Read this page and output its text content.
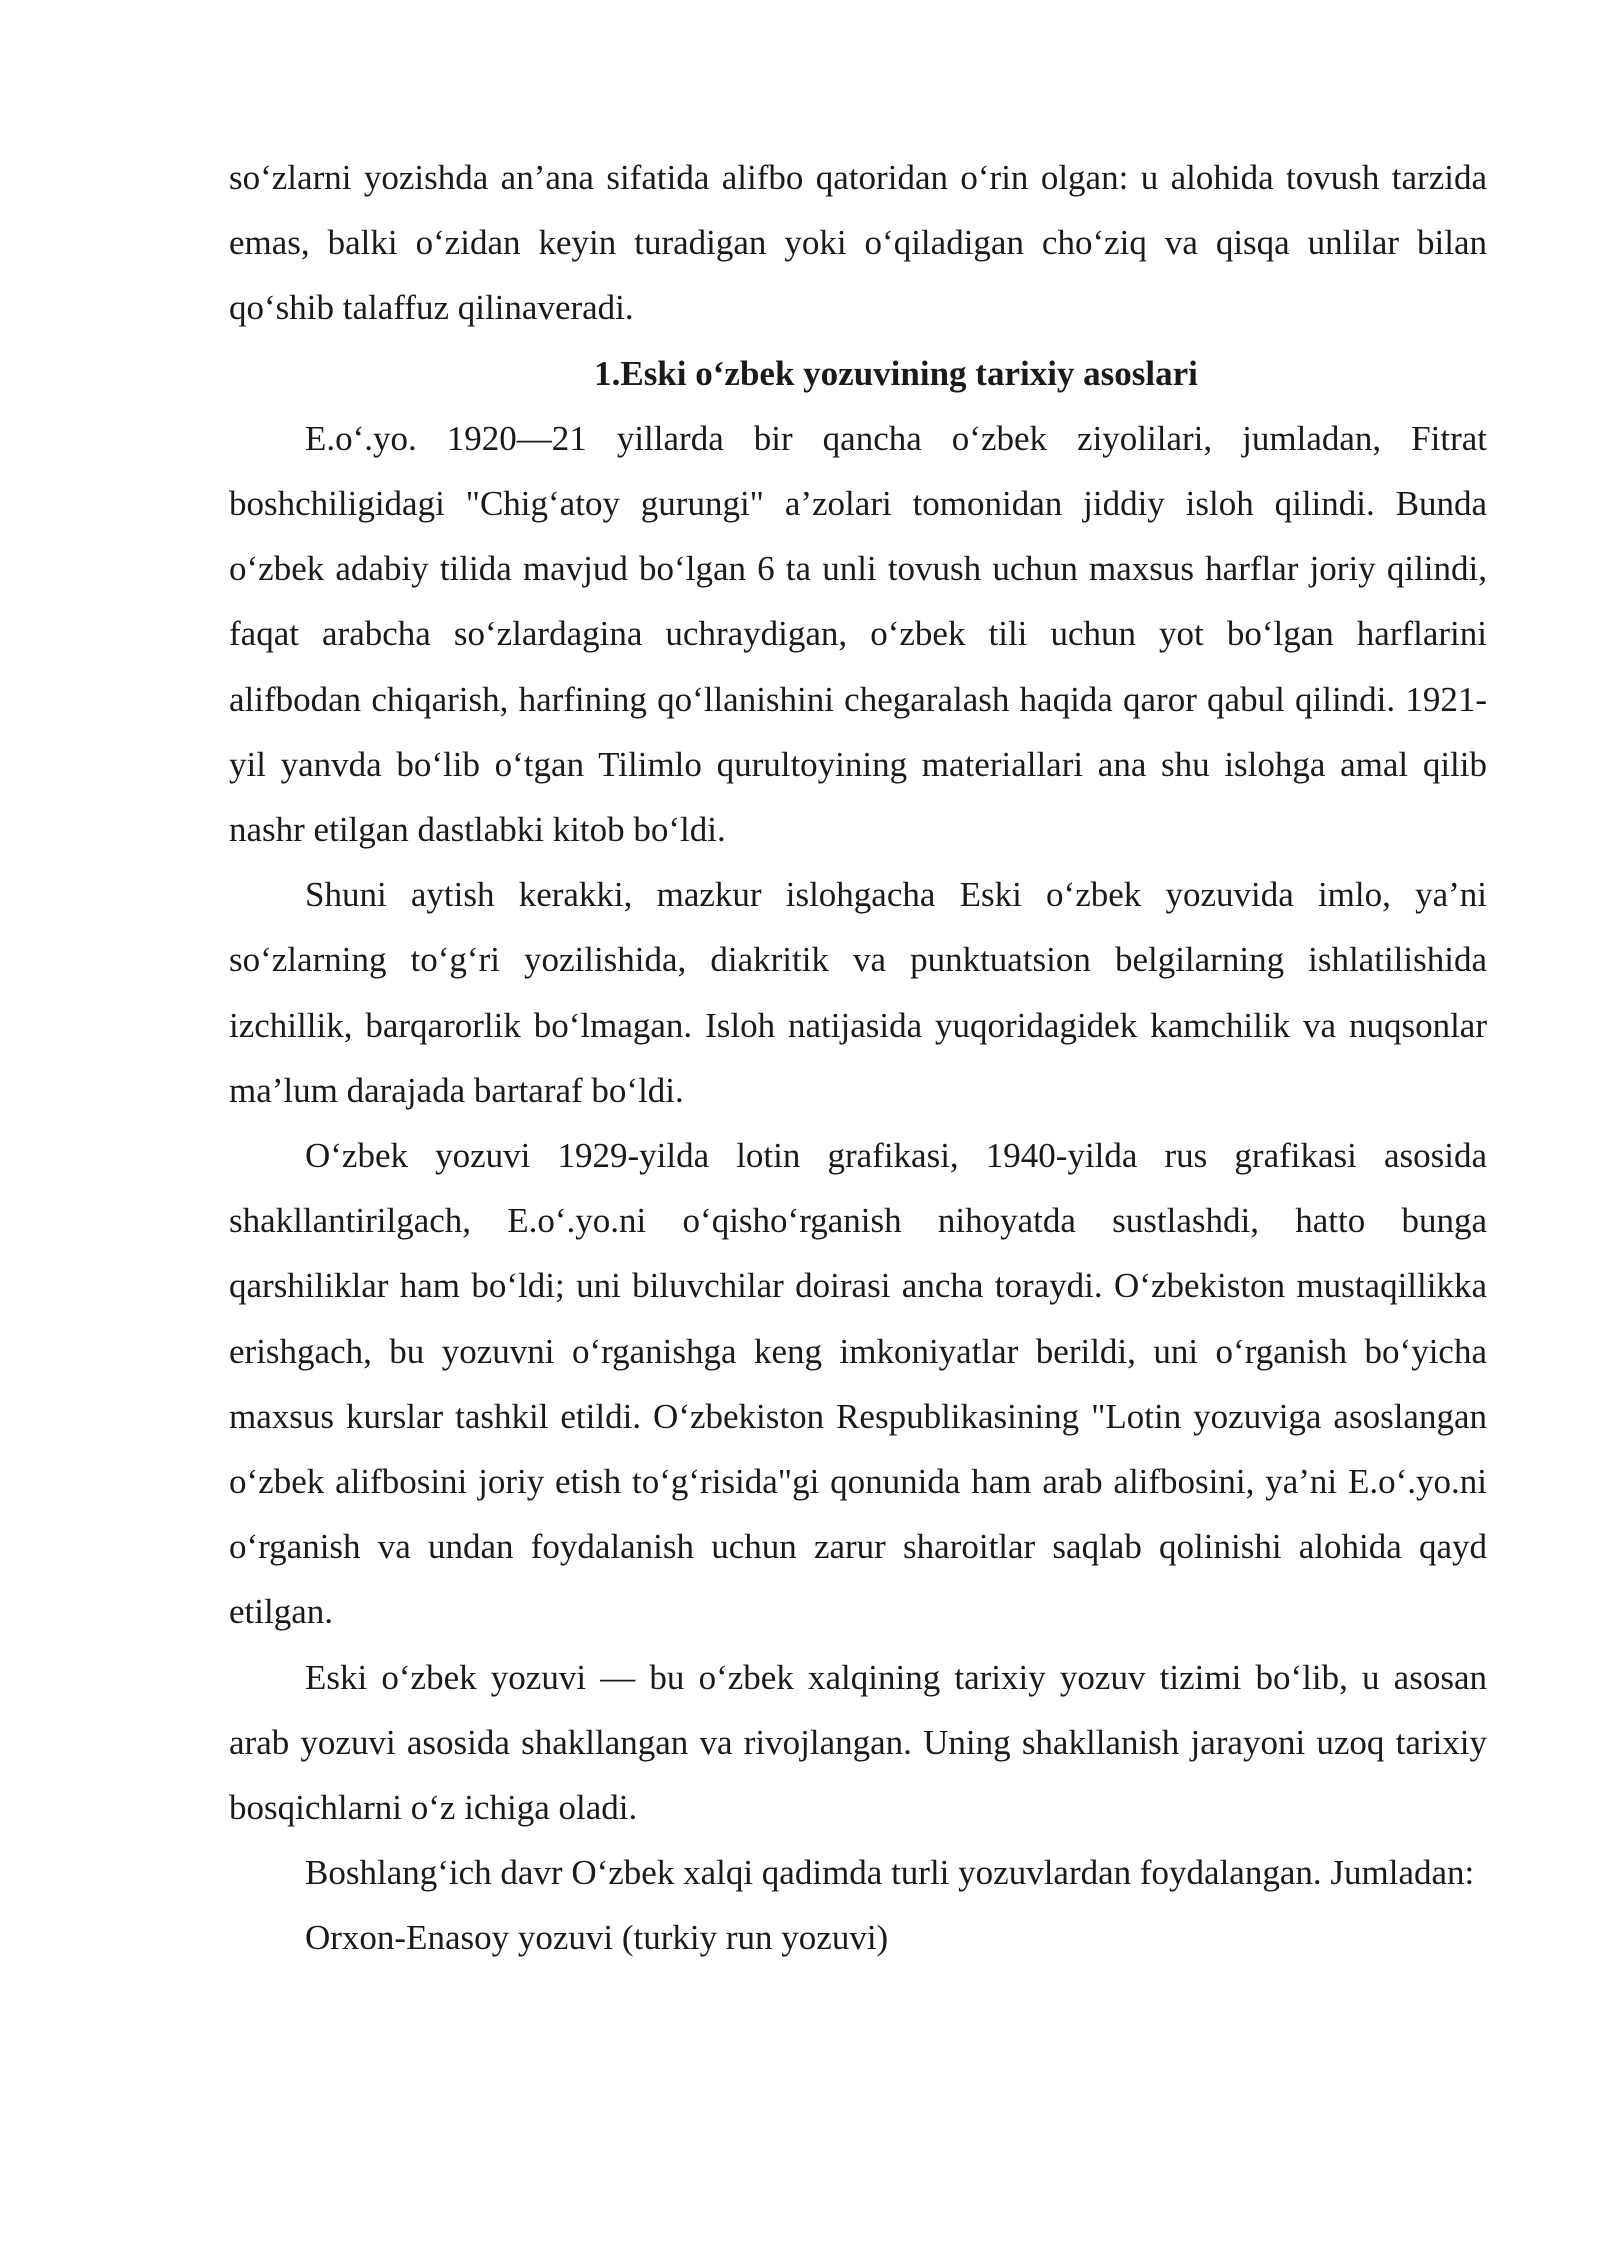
so‘zlarni yozishda an’ana sifatida alifbo qatoridan o‘rin olgan: u alohida tovush tarzida emas, balki o‘zidan keyin turadigan yoki o‘qiladigan cho‘ziq va qisqa unlilar bilan qo‘shib talaffuz qilinaveradi.

1.Eski o‘zbek yozuvining tarixiy asoslari

E.o‘.yo. 1920—21 yillarda bir qancha o‘zbek ziyolilari, jumladan, Fitrat boshchiligidagi "Chig‘atoy gurungi" a’zolari tomonidan jiddiy isloh qilindi. Bunda o‘zbek adabiy tilida mavjud bo‘lgan 6 ta unli tovush uchun maxsus harflar joriy qilindi, faqat arabcha so‘zlardagina uchraydigan, o‘zbek tili uchun yot bo‘lgan harflarini alifbodan chiqarish, harfining qo‘llanishini chegaralash haqida qaror qabul qilindi. 1921-yil yanvda bo‘lib o‘tgan Tilimlo qurultoyining materiallari ana shu islohga amal qilib nashr etilgan dastlabki kitob bo‘ldi.

Shuni aytish kerakki, mazkur islohgacha Eski o‘zbek yozuvida imlo, ya’ni so‘zlarning to‘g‘ri yozilishida, diakritik va punktuatsion belgilarning ishlatilishida izchillik, barqarorlik bo‘lmagan. Isloh natijasida yuqoridagidek kamchilik va nuqsonlar ma’lum darajada bartaraf bo‘ldi.

O‘zbek yozuvi 1929-yilda lotin grafikasi, 1940-yilda rus grafikasi asosida shakllantirilgach, E.o‘.yo.ni o‘qisho‘rganish nihoyatda sustlashdi, hatto bunga qarshiliklar ham bo‘ldi; uni biluvchilar doirasi ancha toraydi. O‘zbekiston mustaqillikka erishgach, bu yozuvni o‘rganishga keng imkoniyatlar berildi, uni o‘rganish bo‘yicha maxsus kurslar tashkil etildi. O‘zbekiston Respublikasining "Lotin yozuviga asoslangan o‘zbek alifbosini joriy etish to‘g‘risida"gi qonunida ham arab alifbosini, ya’ni E.o‘.yo.ni o‘rganish va undan foydalanish uchun zarur sharoitlar saqlab qolinishi alohida qayd etilgan.

Eski o‘zbek yozuvi — bu o‘zbek xalqining tarixiy yozuv tizimi bo‘lib, u asosan arab yozuvi asosida shakllangan va rivojlangan. Uning shakllanish jarayoni uzoq tarixiy bosqichlarni o‘z ichiga oladi.

Boshlang‘ich davr O‘zbek xalqi qadimda turli yozuvlardan foydalangan. Jumladan:

Orxon-Enasoy yozuvi (turkiy run yozuvi)
